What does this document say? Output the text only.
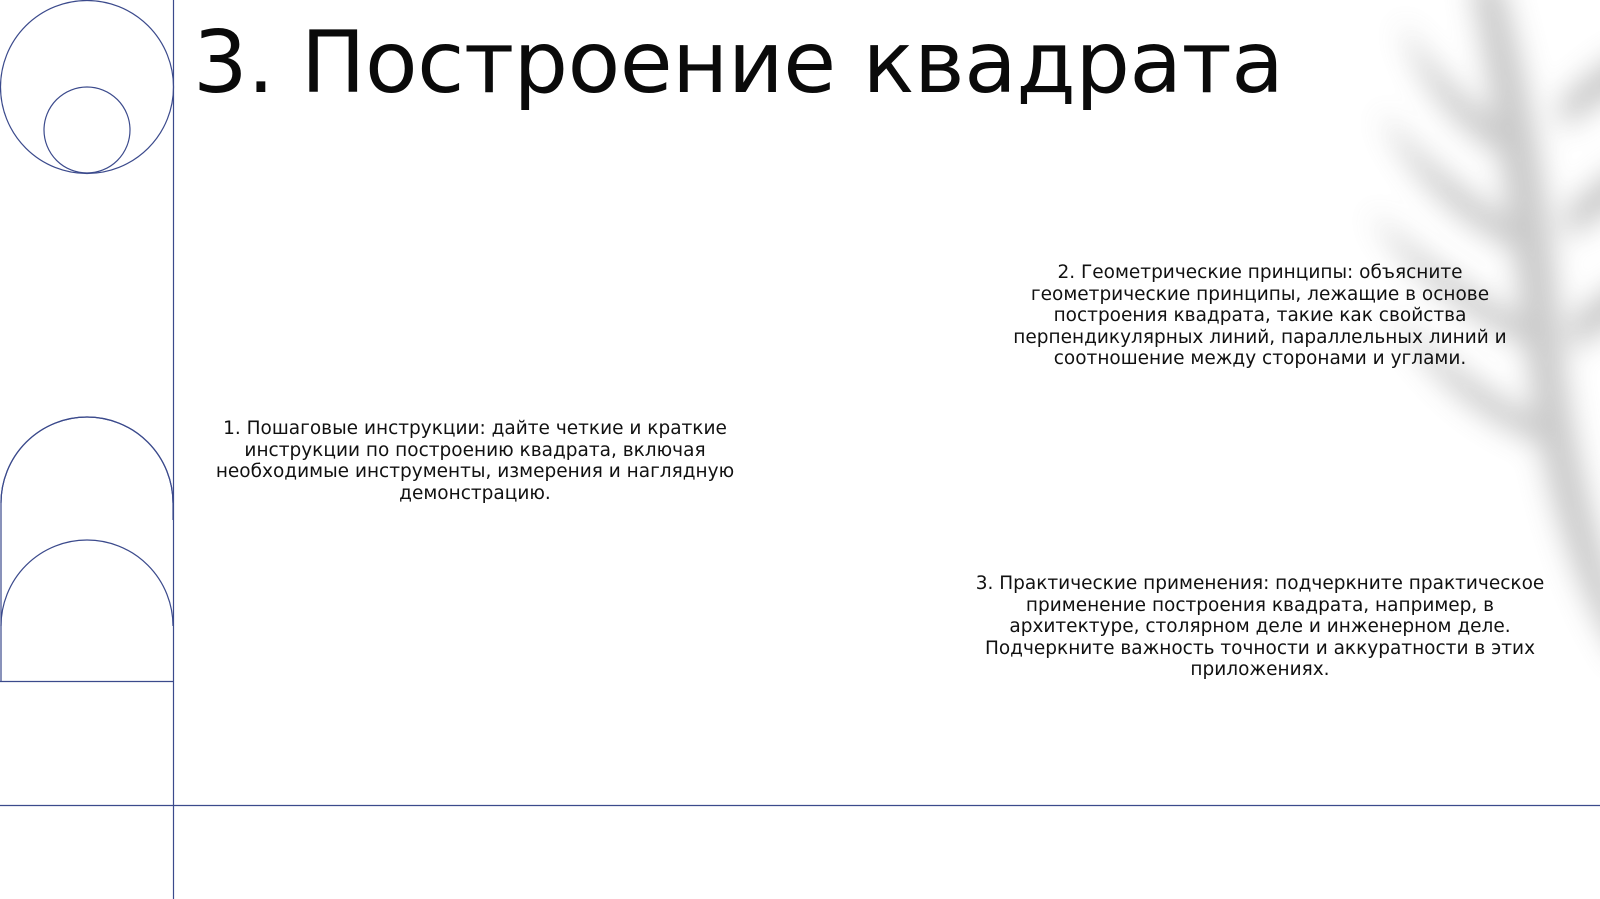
3. Построение квадрата

1. Пошаговые инструкции: дайте четкие и краткие инструкции по построению квадрата, включая необходимые инструменты, измерения и наглядную демонстрацию.

2. Геометрические принципы: объясните геометрические принципы, лежащие в основе построения квадрата, такие как свойства перпендикулярных линий, параллельных линий и соотношение между сторонами и углами.

3. Практические применения: подчеркните практическое применение построения квадрата, например, в архитектуре, столярном деле и инженерном деле. Подчеркните важность точности и аккуратности в этих приложениях.
